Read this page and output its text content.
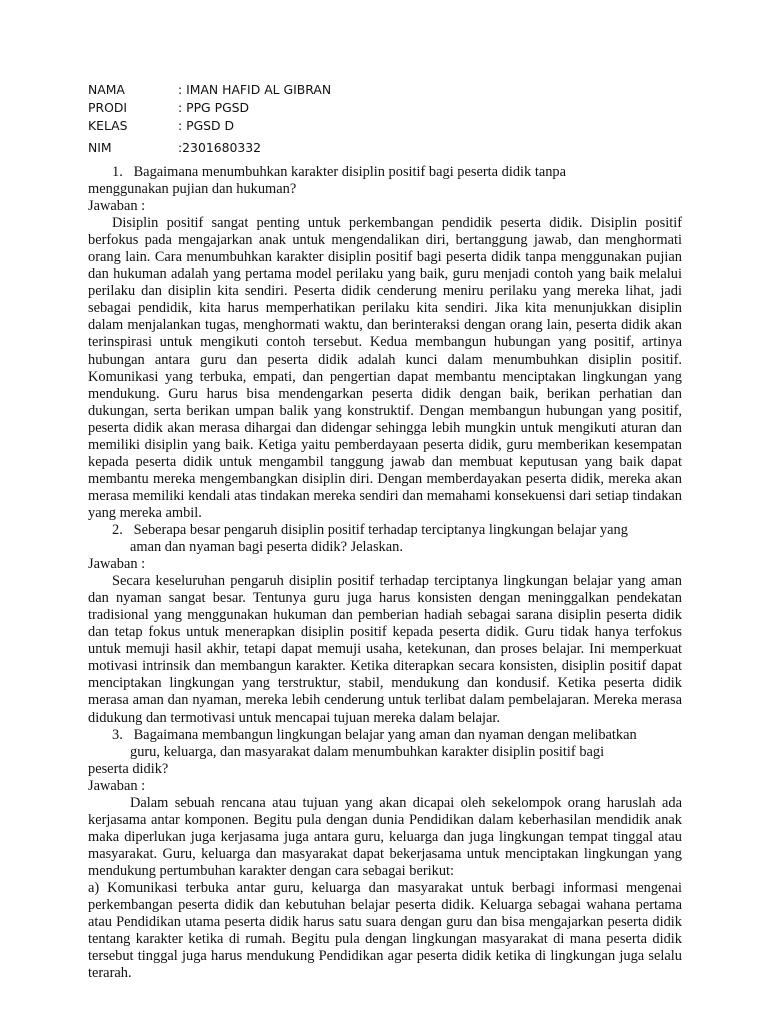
NAMA	: IMAN HAFID AL GIBRAN
PRODI	: PPG PGSD
KELAS	: PGSD D
NIM	:2301680332

1.   Bagaimana menumbuhkan karakter disiplin positif bagi peserta didik tanpa

menggunakan pujian dan hukuman?

Jawaban :

Disiplin positif sangat penting untuk perkembangan pendidik peserta didik. Disiplin positif berfokus pada mengajarkan anak untuk mengendalikan diri, bertanggung jawab, dan menghormati orang lain. Cara menumbuhkan karakter disiplin positif bagi peserta didik tanpa menggunakan pujian dan hukuman adalah yang pertama model perilaku yang baik, guru menjadi contoh yang baik melalui perilaku dan disiplin kita sendiri. Peserta didik cenderung meniru perilaku yang mereka lihat, jadi sebagai pendidik, kita harus memperhatikan perilaku kita sendiri. Jika kita menunjukkan disiplin dalam menjalankan tugas, menghormati waktu, dan berinteraksi dengan orang lain, peserta didik akan terinspirasi untuk mengikuti contoh tersebut. Kedua membangun hubungan yang positif, artinya hubungan antara guru dan peserta didik adalah kunci dalam menumbuhkan disiplin positif. Komunikasi yang terbuka, empati, dan pengertian dapat membantu menciptakan lingkungan yang mendukung. Guru harus bisa mendengarkan peserta didik dengan baik, berikan perhatian dan dukungan, serta berikan umpan balik yang konstruktif. Dengan membangun hubungan yang positif, peserta didik akan merasa dihargai dan didengar sehingga lebih mungkin untuk mengikuti aturan dan memiliki disiplin yang baik. Ketiga yaitu pemberdayaan peserta didik, guru memberikan kesempatan kepada peserta didik untuk mengambil tanggung jawab dan membuat keputusan yang baik dapat membantu mereka mengembangkan disiplin diri. Dengan memberdayakan peserta didik, mereka akan merasa memiliki kendali atas tindakan mereka sendiri dan memahami konsekuensi dari setiap tindakan yang mereka ambil.

2.   Seberapa besar pengaruh disiplin positif terhadap terciptanya lingkungan belajar yang

aman dan nyaman bagi peserta didik? Jelaskan.

Jawaban :

Secara keseluruhan pengaruh disiplin positif terhadap terciptanya lingkungan belajar yang aman dan nyaman sangat besar. Tentunya guru juga harus konsisten dengan meninggalkan pendekatan tradisional yang menggunakan hukuman dan pemberian hadiah sebagai sarana disiplin peserta didik dan tetap fokus untuk menerapkan disiplin positif kepada peserta didik. Guru tidak hanya terfokus untuk memuji hasil akhir, tetapi dapat memuji usaha, ketekunan, dan proses belajar. Ini memperkuat motivasi intrinsik dan membangun karakter. Ketika diterapkan secara konsisten, disiplin positif dapat menciptakan lingkungan yang terstruktur, stabil, mendukung dan kondusif. Ketika peserta didik merasa aman dan nyaman, mereka lebih cenderung untuk terlibat dalam pembelajaran. Mereka merasa didukung dan termotivasi untuk mencapai tujuan mereka dalam belajar.

3.   Bagaimana membangun lingkungan belajar yang aman dan nyaman dengan melibatkan

guru, keluarga, dan masyarakat dalam menumbuhkan karakter disiplin positif bagi

peserta didik?

Jawaban :

Dalam sebuah rencana atau tujuan yang akan dicapai oleh sekelompok orang haruslah ada kerjasama antar komponen. Begitu pula dengan dunia Pendidikan dalam keberhasilan mendidik anak maka diperlukan juga kerjasama juga antara guru, keluarga dan juga lingkungan tempat tinggal atau masyarakat. Guru, keluarga dan masyarakat dapat bekerjasama untuk menciptakan lingkungan yang mendukung pertumbuhan karakter dengan cara sebagai berikut:

a) Komunikasi terbuka antar guru, keluarga dan masyarakat untuk berbagi informasi mengenai perkembangan peserta didik dan kebutuhan belajar peserta didik. Keluarga sebagai wahana pertama atau Pendidikan utama peserta didik harus satu suara dengan guru dan bisa mengajarkan peserta didik tentang karakter ketika di rumah. Begitu pula dengan lingkungan masyarakat di mana peserta didik tersebut tinggal juga harus mendukung Pendidikan agar peserta didik ketika di lingkungan juga selalu terarah.
